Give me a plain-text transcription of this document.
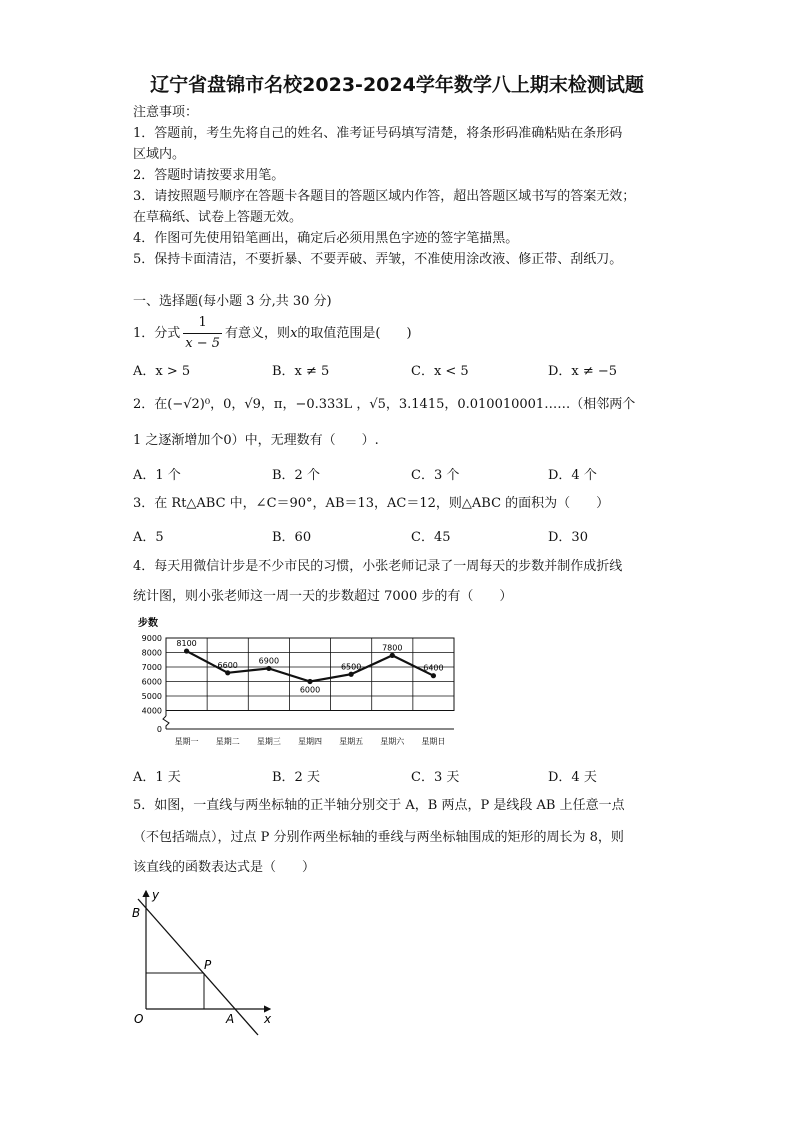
辽宁省盘锦市名校2023-2024学年数学八上期末检测试题
注意事项：
1．答题前，考生先将自己的姓名、准考证号码填写清楚，将条形码准确粘贴在条形码
区域内。
2．答题时请按要求用笔。
3．请按照题号顺序在答题卡各题目的答题区域内作答，超出答题区域书写的答案无效；
在草稿纸、试卷上答题无效。
4．作图可先使用铅笔画出，确定后必须用黑色字迹的签字笔描黑。
5．保持卡面清洁，不要折暴、不要弄破、弄皱，不准使用涂改液、修正带、刮纸刀。
一、选择题(每小题 3 分,共 30 分)
1．分式 $\frac{1}{x - 5}$ 有意义，则x的取值范围是(　　)
A．x > 5	B．x ≠ 5	C．x < 5	D．x ≠ −5
2．在(−√2)⁰，0，√9，π，−0.333L ，√5，3.1415，0.010010001……（相邻两个
1 之逐渐增加个0）中，无理数有（　　）.
A．1 个	B．2 个	C．3 个	D．4 个
3．在 Rt△ABC 中，∠C＝90°，AB＝13，AC＝12，则△ABC 的面积为（　　）
A．5	B．60	C．45	D．30
4．每天用微信计步是不少市民的习惯，小张老师记录了一周每天的步数并制作成折线
统计图，则小张老师这一周一天的步数超过 7000 步的有（　　）
步数
9000
8000
7000
6000
5000
4000
0
星期一 星期二 星期三 星期四 星期五 星期六 星期日
8100
6600	6900
6000
6500
7800
6400
A．1 天	B．2 天	C．3 天	D．4 天
5．如图，一直线与两坐标轴的正半轴分别交于 A，B 两点，P 是线段 AB 上任意一点
（不包括端点），过点 P 分别作两坐标轴的垂线与两坐标轴围成的矩形的周长为 8，则
该直线的函数表达式是（　　）
y
B
P
O	A x
